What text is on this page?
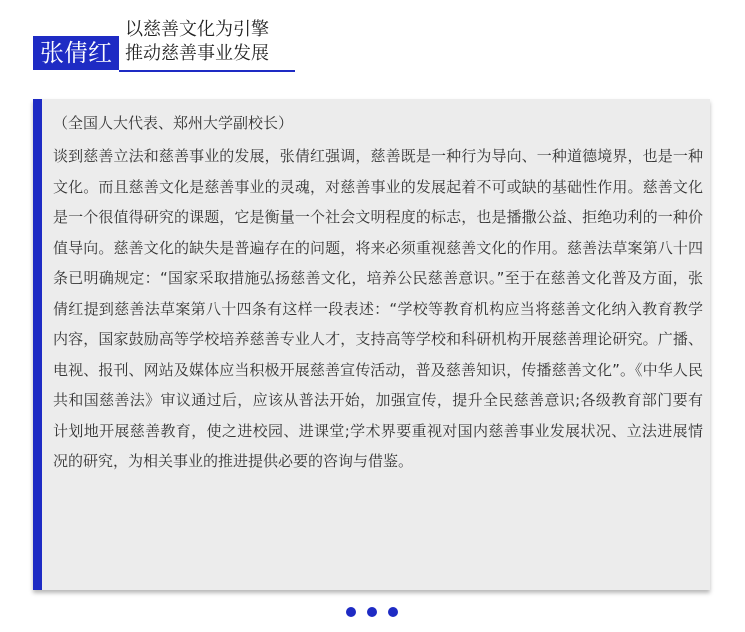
张倩红
以慈善文化为引擎
推动慈善事业发展

（全国人大代表、郑州大学副校长）

谈到慈善立法和慈善事业的发展，张倩红强调，慈善既是一种行为导向、一种道德境界，也是一种文化。而且慈善文化是慈善事业的灵魂，对慈善事业的发展起着不可或缺的基础性作用。慈善文化是一个很值得研究的课题，它是衡量一个社会文明程度的标志，也是播撒公益、拒绝功利的一种价值导向。慈善文化的缺失是普遍存在的问题，将来必须重视慈善文化的作用。慈善法草案第八十四条已明确规定：“国家采取措施弘扬慈善文化，培养公民慈善意识。”至于在慈善文化普及方面，张倩红提到慈善法草案第八十四条有这样一段表述：“学校等教育机构应当将慈善文化纳入教育教学内容，国家鼓励高等学校培养慈善专业人才，支持高等学校和科研机构开展慈善理论研究。广播、电视、报刊、网站及媒体应当积极开展慈善宣传活动，普及慈善知识，传播慈善文化”。《中华人民共和国慈善法》审议通过后，应该从普法开始，加强宣传，提升全民慈善意识;各级教育部门要有计划地开展慈善教育，使之进校园、进课堂;学术界要重视对国内慈善事业发展状况、立法进展情况的研究，为相关事业的推进提供必要的咨询与借鉴。
